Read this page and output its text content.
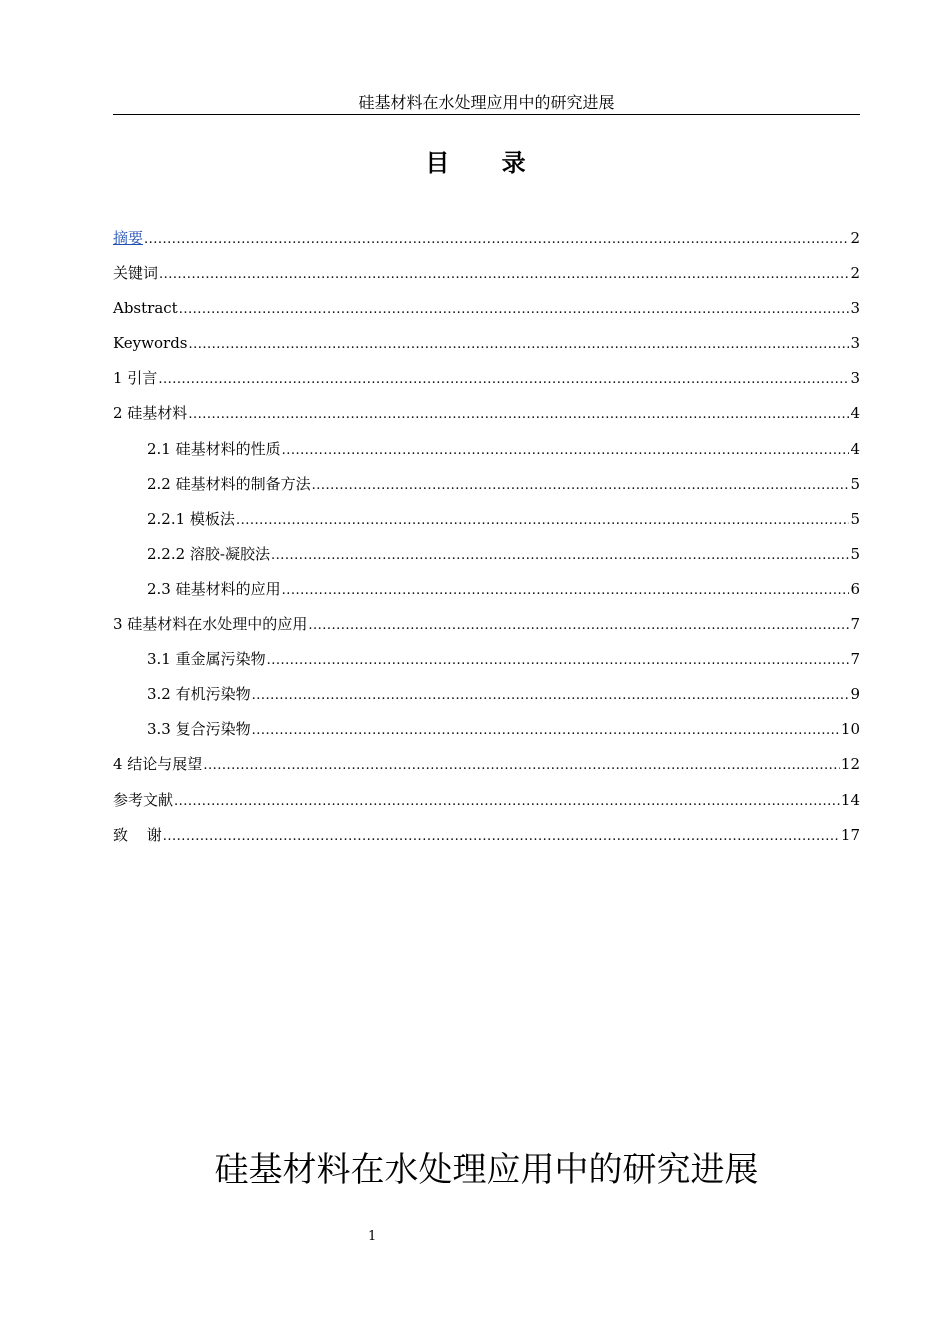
硅基材料在水处理应用中的研究进展
目 录
摘要 .....	2
关键词 .....	2
Abstract .....	3
Keywords .....	3
1 引言 .....	3
2 硅基材料 .....	4
2.1 硅基材料的性质 .....	4
2.2 硅基材料的制备方法 .....	5
2.2.1 模板法 .....	5
2.2.2 溶胶-凝胶法 .....	5
2.3 硅基材料的应用 .....	6
3 硅基材料在水处理中的应用 .....	7
3.1 重金属污染物 .....	7
3.2 有机污染物 .....	9
3.3 复合污染物 .....	10
4 结论与展望 .....	12
参考文献 .....	14
致 谢 .....	17
硅基材料在水处理应用中的研究进展
1
